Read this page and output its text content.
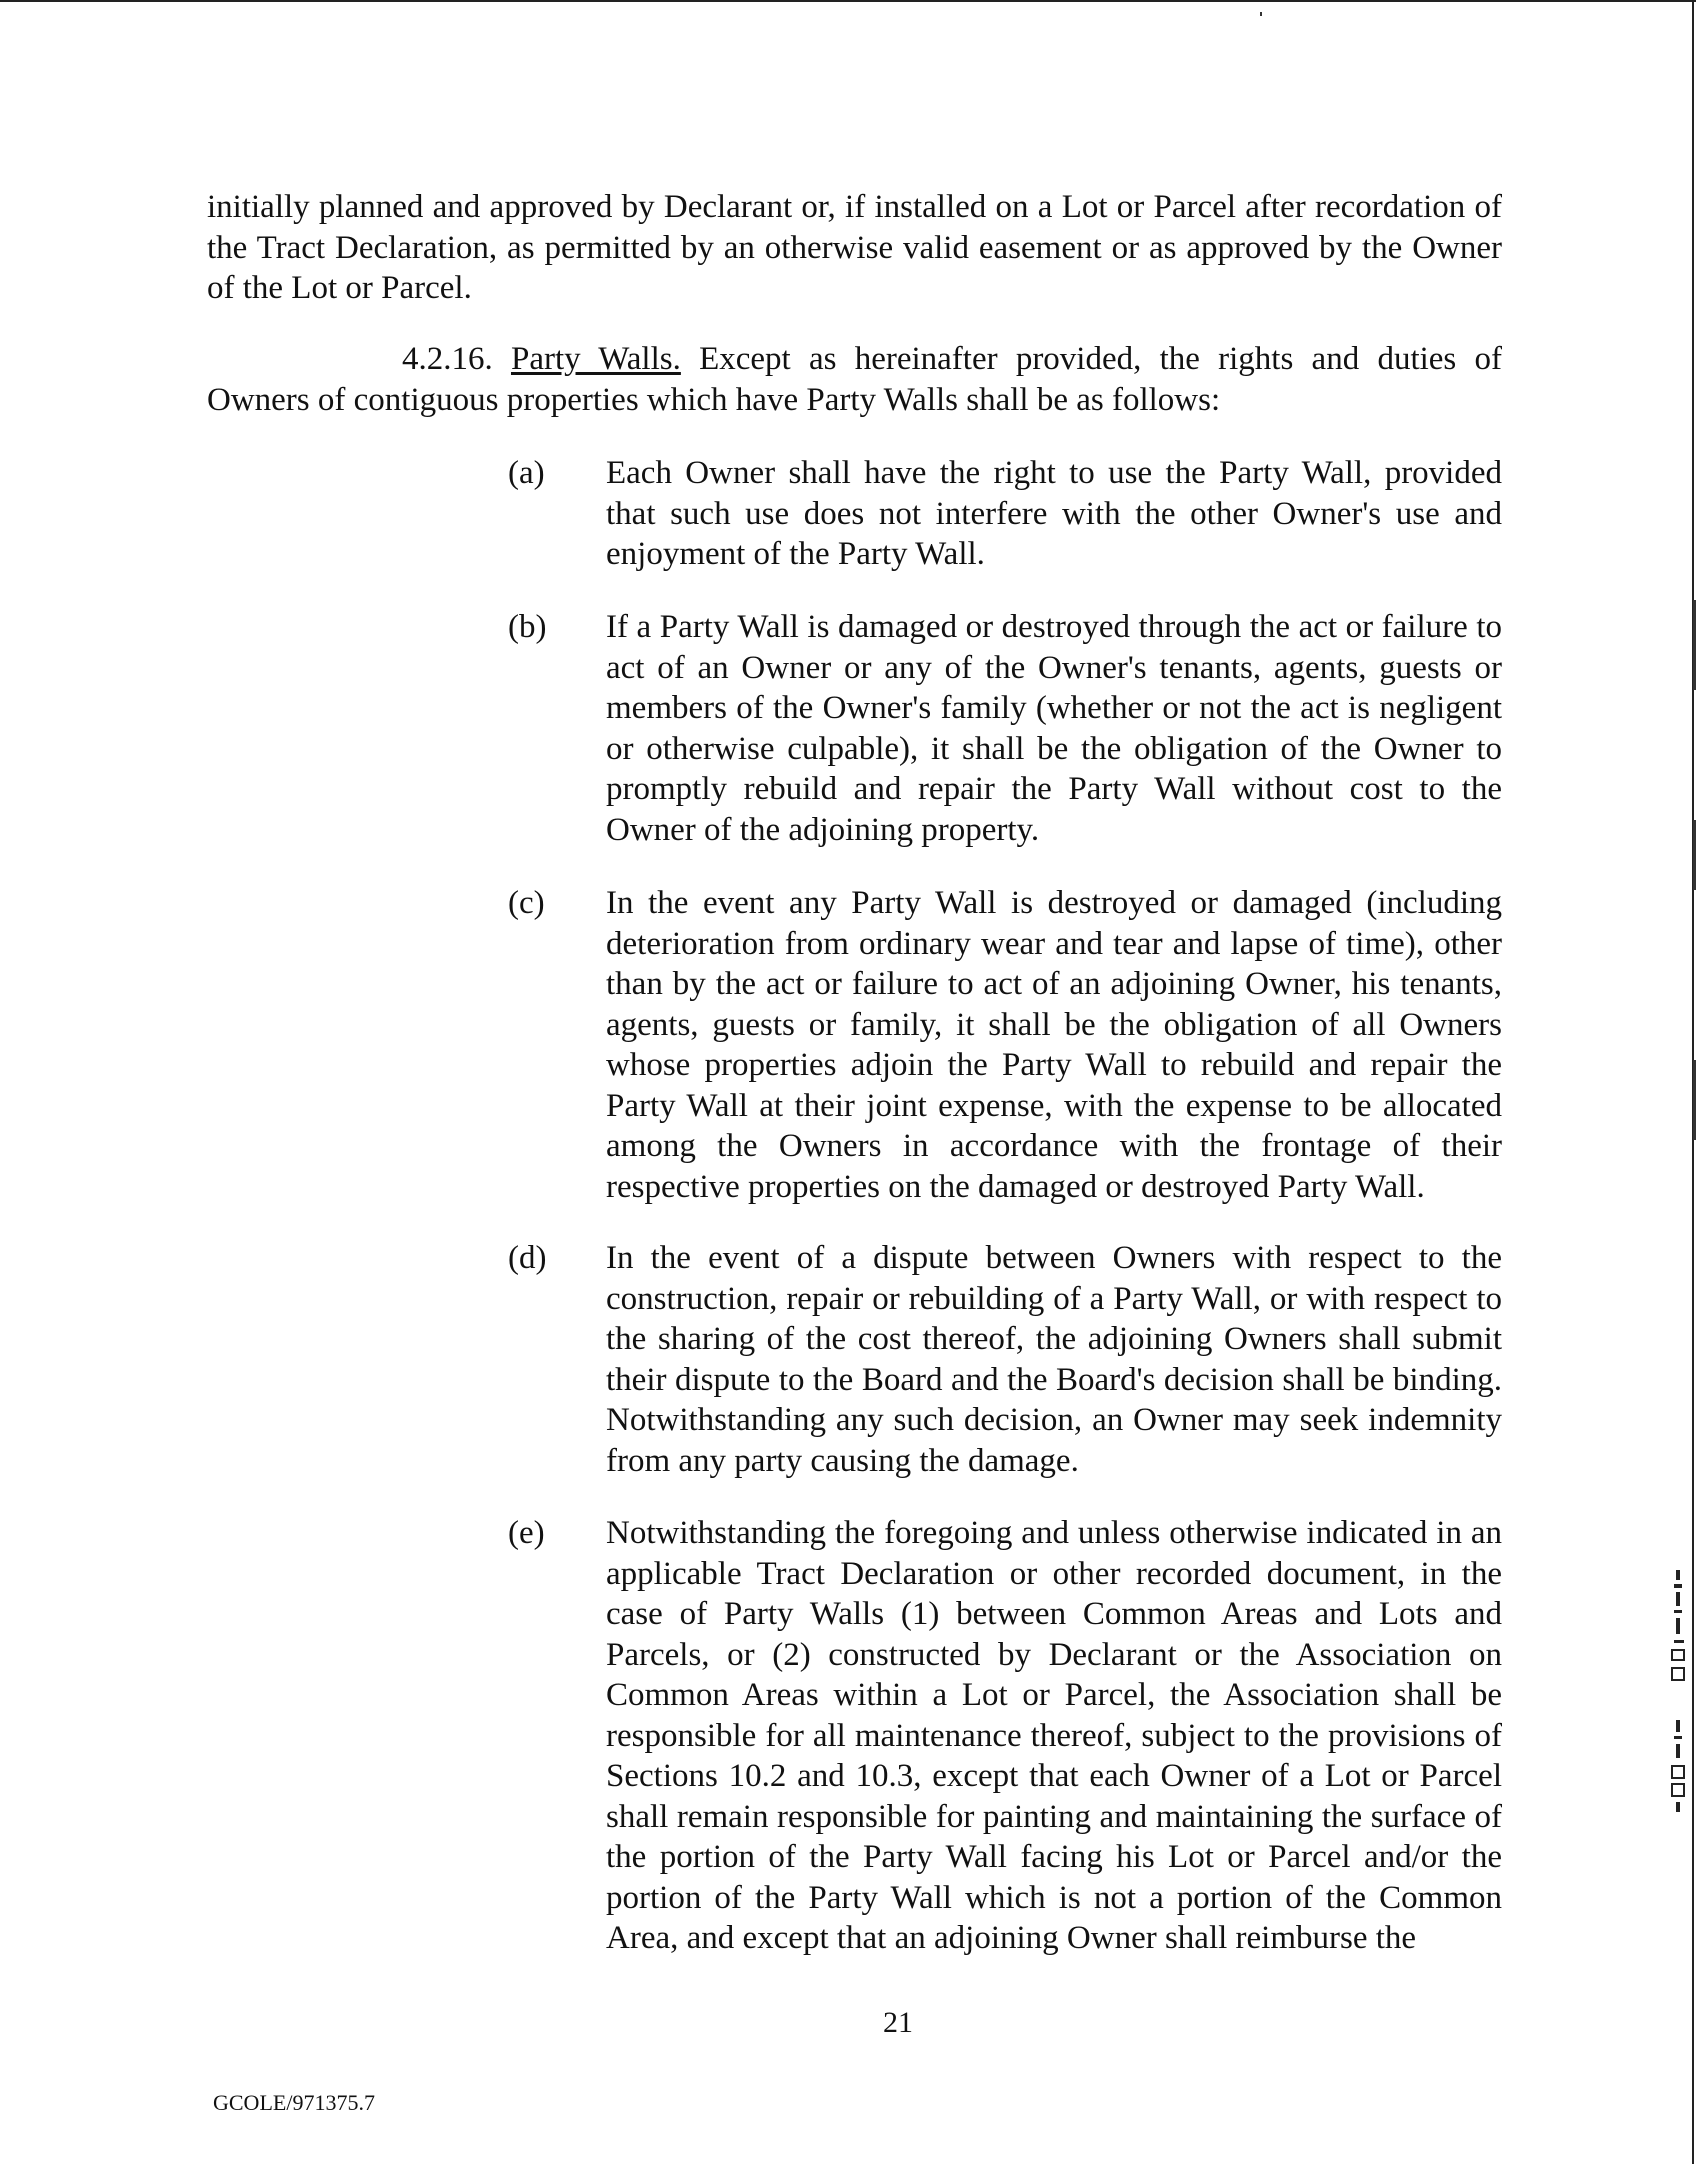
initially planned and approved by Declarant or, if installed on a Lot or Parcel after recordation of the Tract Declaration, as permitted by an otherwise valid easement or as approved by the Owner of the Lot or Parcel.

4.2.16. Party Walls. Except as hereinafter provided, the rights and duties of Owners of contiguous properties which have Party Walls shall be as follows:

(a) Each Owner shall have the right to use the Party Wall, provided that such use does not interfere with the other Owner's use and enjoyment of the Party Wall.

(b) If a Party Wall is damaged or destroyed through the act or failure to act of an Owner or any of the Owner's tenants, agents, guests or members of the Owner's family (whether or not the act is negligent or otherwise culpable), it shall be the obligation of the Owner to promptly rebuild and repair the Party Wall without cost to the Owner of the adjoining property.

(c) In the event any Party Wall is destroyed or damaged (including deterioration from ordinary wear and tear and lapse of time), other than by the act or failure to act of an adjoining Owner, his tenants, agents, guests or family, it shall be the obligation of all Owners whose properties adjoin the Party Wall to rebuild and repair the Party Wall at their joint expense, with the expense to be allocated among the Owners in accordance with the frontage of their respective properties on the damaged or destroyed Party Wall.

(d) In the event of a dispute between Owners with respect to the construction, repair or rebuilding of a Party Wall, or with respect to the sharing of the cost thereof, the adjoining Owners shall submit their dispute to the Board and the Board's decision shall be binding. Notwithstanding any such decision, an Owner may seek indemnity from any party causing the damage.

(e) Notwithstanding the foregoing and unless otherwise indicated in an applicable Tract Declaration or other recorded document, in the case of Party Walls (1) between Common Areas and Lots and Parcels, or (2) constructed by Declarant or the Association on Common Areas within a Lot or Parcel, the Association shall be responsible for all maintenance thereof, subject to the provisions of Sections 10.2 and 10.3, except that each Owner of a Lot or Parcel shall remain responsible for painting and maintaining the surface of the portion of the Party Wall facing his Lot or Parcel and/or the portion of the Party Wall which is not a portion of the Common Area, and except that an adjoining Owner shall reimburse the

21
GCOLE/971375.7
